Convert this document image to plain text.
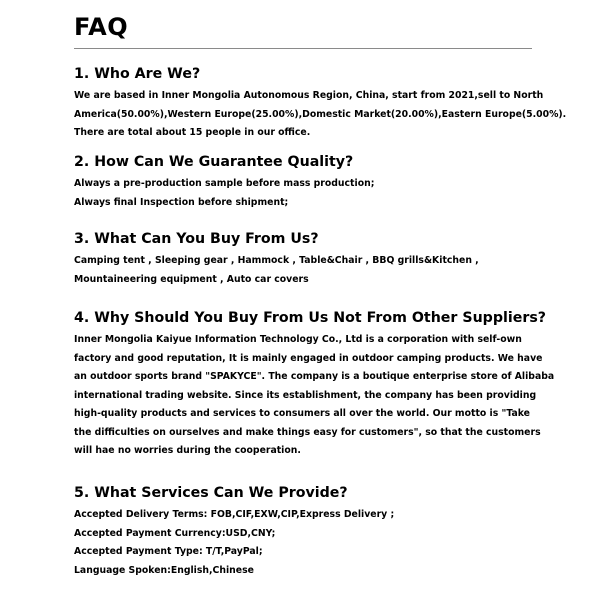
FAQ
1. Who Are We?
We are based in Inner Mongolia Autonomous Region, China, start from 2021,sell to North
America(50.00%),Western Europe(25.00%),Domestic Market(20.00%),Eastern Europe(5.00%).
There are total about 15 people in our office.
2. How Can We Guarantee Quality?
Always a pre-production sample before mass production;
Always final Inspection before shipment;
3. What Can You Buy From Us?
Camping tent , Sleeping gear , Hammock , Table&Chair , BBQ grills&Kitchen ,
Mountaineering equipment , Auto car covers
4. Why Should You Buy From Us Not From Other Suppliers?
Inner Mongolia Kaiyue Information Technology Co., Ltd is a corporation with self-own
factory and good reputation, It is mainly engaged in outdoor camping products. We have
an outdoor sports brand "SPAKYCE". The company is a boutique enterprise store of Alibaba
international trading website. Since its establishment, the company has been providing
high-quality products and services to consumers all over the world. Our motto is "Take
the difficulties on ourselves and make things easy for customers", so that the customers
will hae no worries during the cooperation.
5. What Services Can We Provide?
Accepted Delivery Terms: FOB,CIF,EXW,CIP,Express Delivery ;
Accepted Payment Currency:USD,CNY;
Accepted Payment Type: T/T,PayPal;
Language Spoken:English,Chinese
